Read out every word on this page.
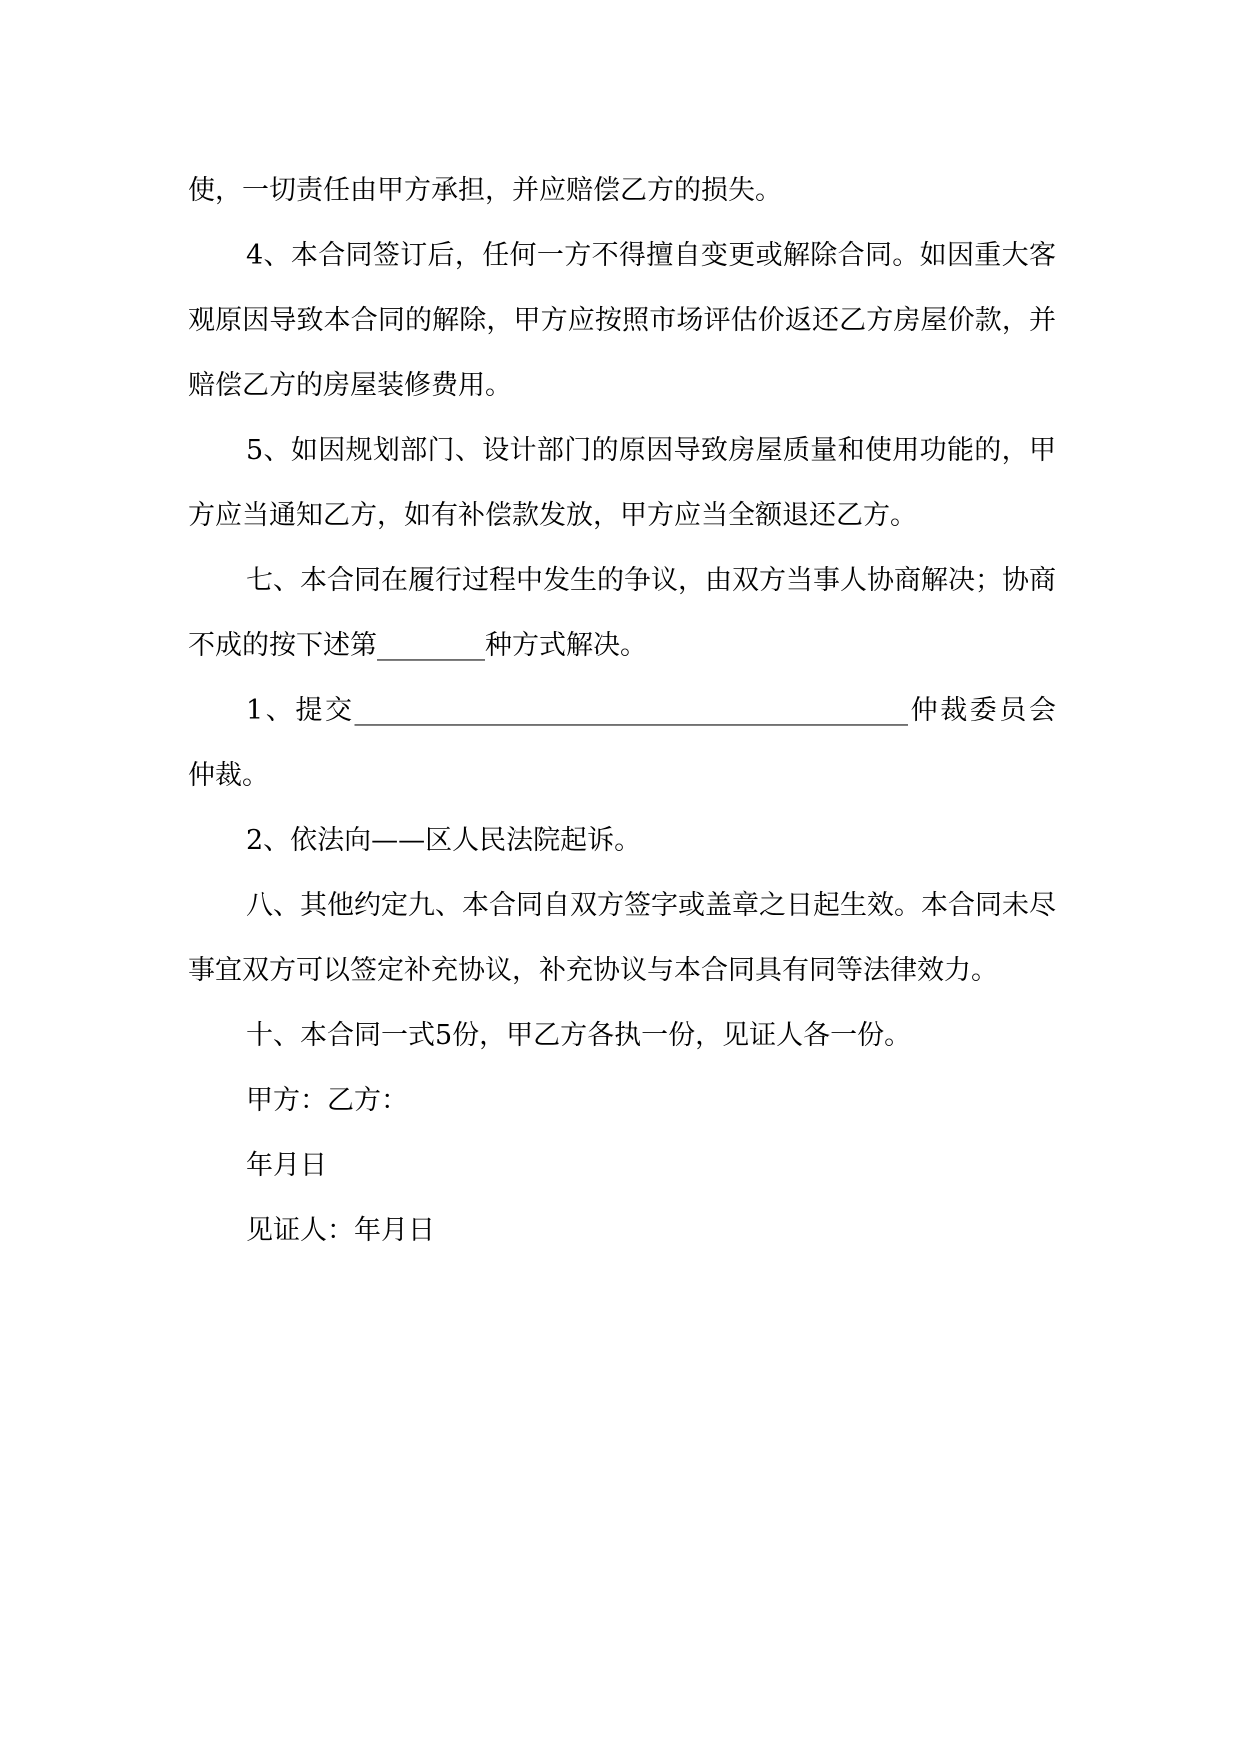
使，一切责任由甲方承担，并应赔偿乙方的损失。

4、本合同签订后，任何一方不得擅自变更或解除合同。如因重大客观原因导致本合同的解除，甲方应按照市场评估价返还乙方房屋价款，并赔偿乙方的房屋装修费用。

5、如因规划部门、设计部门的原因导致房屋质量和使用功能的，甲方应当通知乙方，如有补偿款发放，甲方应当全额退还乙方。

七、本合同在履行过程中发生的争议，由双方当事人协商解决；协商不成的按下述第________种方式解决。

1、提交_________________________________________仲裁委员会仲裁。

2、依法向——区人民法院起诉。

八、其他约定九、本合同自双方签字或盖章之日起生效。本合同未尽事宜双方可以签定补充协议，补充协议与本合同具有同等法律效力。

十、本合同一式5份，甲乙方各执一份，见证人各一份。

甲方：乙方：

年月日

见证人：年月日
